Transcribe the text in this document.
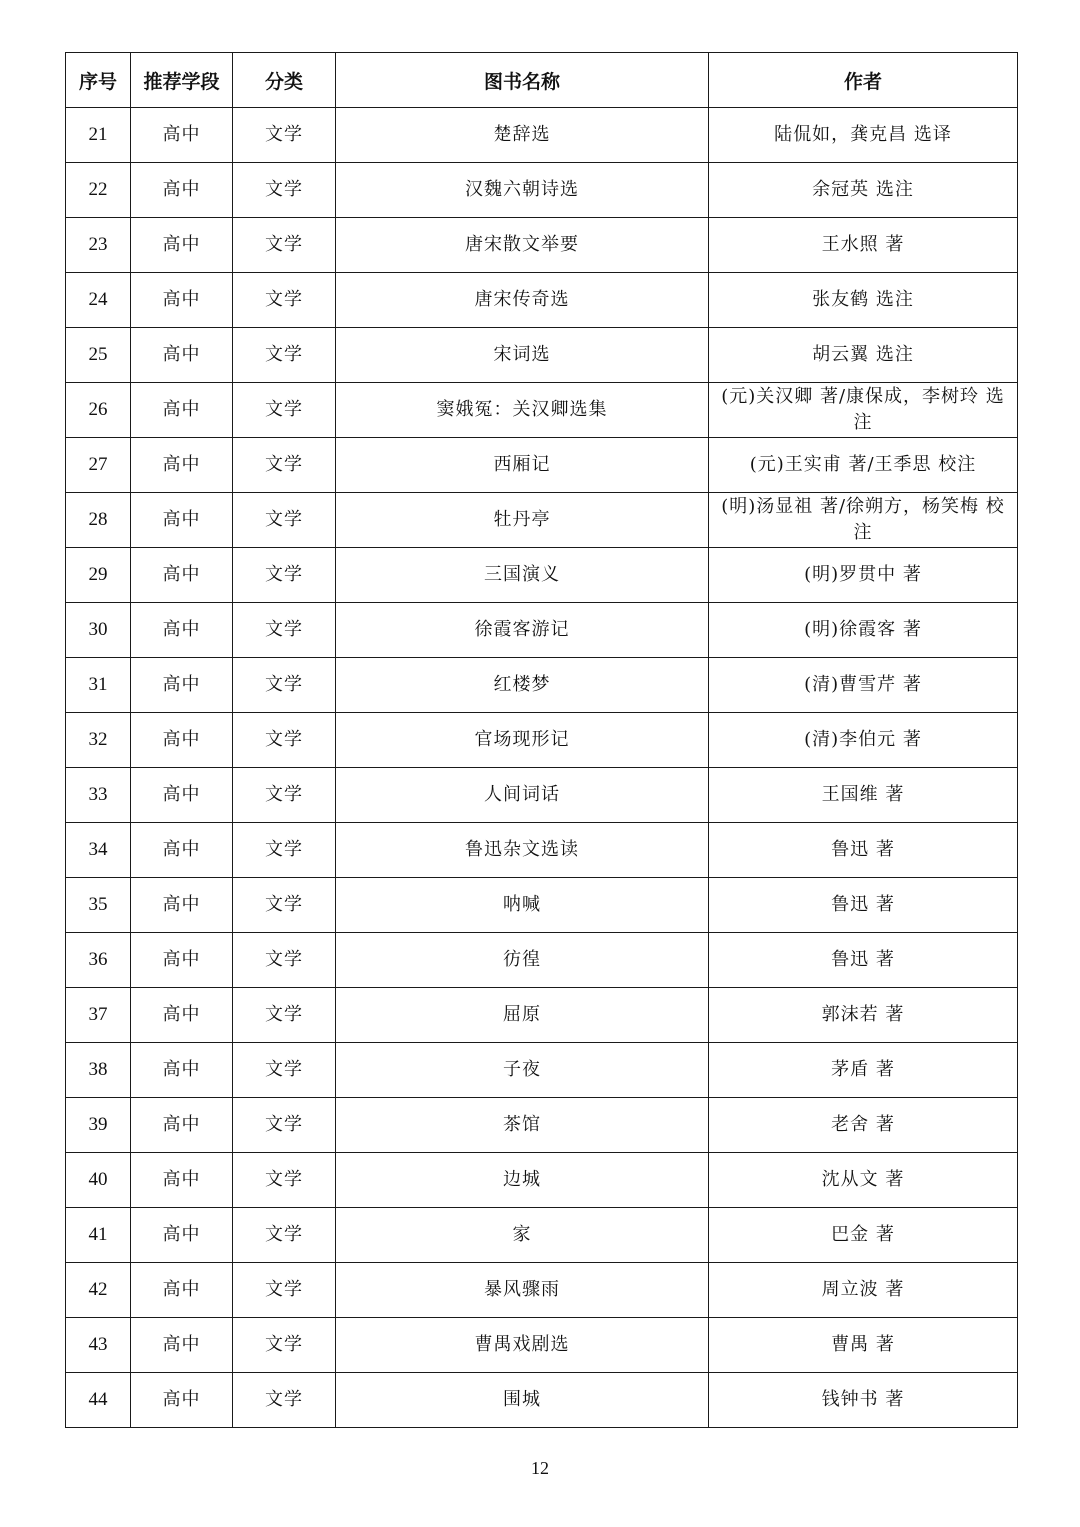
序号	推荐学段	分类	图书名称	作者
21	高中	文学	楚辞选	陆侃如，龚克昌 选译
22	高中	文学	汉魏六朝诗选	余冠英 选注
23	高中	文学	唐宋散文举要	王水照 著
24	高中	文学	唐宋传奇选	张友鹤 选注
25	高中	文学	宋词选	胡云翼 选注
26	高中	文学	窦娥冤：关汉卿选集	(元)关汉卿 著/康保成，李树玲 选注
27	高中	文学	西厢记	(元)王实甫 著/王季思 校注
28	高中	文学	牡丹亭	(明)汤显祖 著/徐朔方，杨笑梅 校注
29	高中	文学	三国演义	(明)罗贯中 著
30	高中	文学	徐霞客游记	(明)徐霞客 著
31	高中	文学	红楼梦	(清)曹雪芹 著
32	高中	文学	官场现形记	(清)李伯元 著
33	高中	文学	人间词话	王国维 著
34	高中	文学	鲁迅杂文选读	鲁迅 著
35	高中	文学	呐喊	鲁迅 著
36	高中	文学	彷徨	鲁迅 著
37	高中	文学	屈原	郭沫若 著
38	高中	文学	子夜	茅盾 著
39	高中	文学	茶馆	老舍 著
40	高中	文学	边城	沈从文 著
41	高中	文学	家	巴金 著
42	高中	文学	暴风骤雨	周立波 著
43	高中	文学	曹禺戏剧选	曹禺 著
44	高中	文学	围城	钱钟书 著
12
